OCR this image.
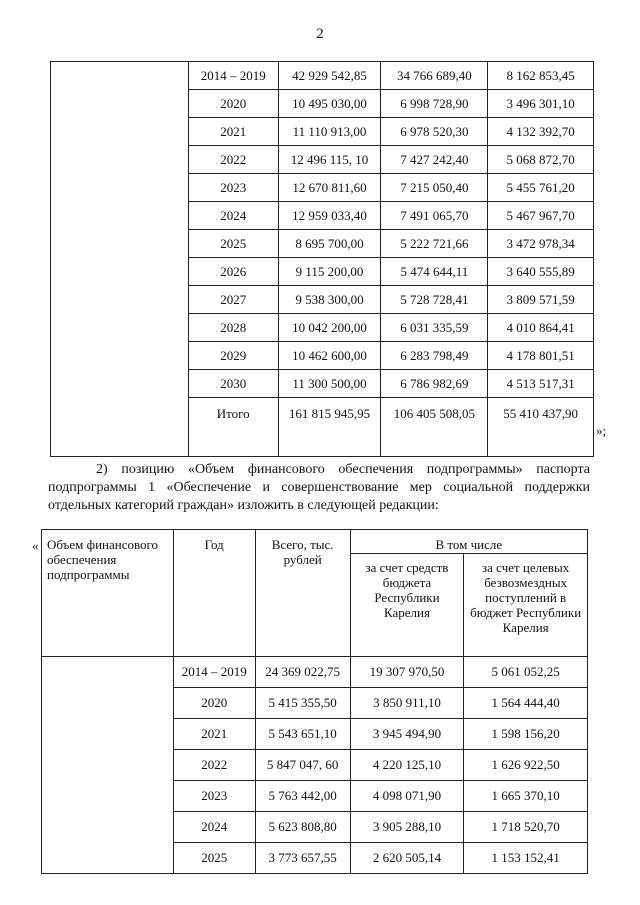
2
	2014 – 2019	42 929 542,85	34 766 689,40	8 162 853,45
	2020	10 495 030,00	6 998 728,90	3 496 301,10
	2021	11 110 913,00	6 978 520,30	4 132 392,70
	2022	12 496 115, 10	7 427 242,40	5 068 872,70
	2023	12 670 811,60	7 215 050,40	5 455 761,20
	2024	12 959 033,40	7 491 065,70	5 467 967,70
	2025	8 695 700,00	5 222 721,66	3 472 978,34
	2026	9 115 200,00	5 474 644,11	3 640 555,89
	2027	9 538 300,00	5 728 728,41	3 809 571,59
	2028	10 042 200,00	6 031 335,59	4 010 864,41
	2029	10 462 600,00	6 283 798,49	4 178 801,51
	2030	11 300 500,00	6 786 982,69	4 513 517,31
	Итого	161 815 945,95	106 405 508,05	55 410 437,90
»;
2) позицию «Объем финансового обеспечения подпрограммы» паспорта
подпрограммы 1 «Обеспечение и совершенствование мер социальной поддержки
отдельных категорий граждан» изложить в следующей редакции:
« Объем финансового обеспечения подпрограммы	Год	Всего, тыс. рублей	В том числе	
			за счет средств бюджета Республики Карелия	за счет целевых безвозмездных поступлений в бюджет Республики Карелия
	2014 – 2019	24 369 022,75	19 307 970,50	5 061 052,25
	2020	5 415 355,50	3 850 911,10	1 564 444,40
	2021	5 543 651,10	3 945 494,90	1 598 156,20
	2022	5 847 047, 60	4 220 125,10	1 626 922,50
	2023	5 763 442,00	4 098 071,90	1 665 370,10
	2024	5 623 808,80	3 905 288,10	1 718 520,70
	2025	3 773 657,55	2 620 505,14	1 153 152,41
